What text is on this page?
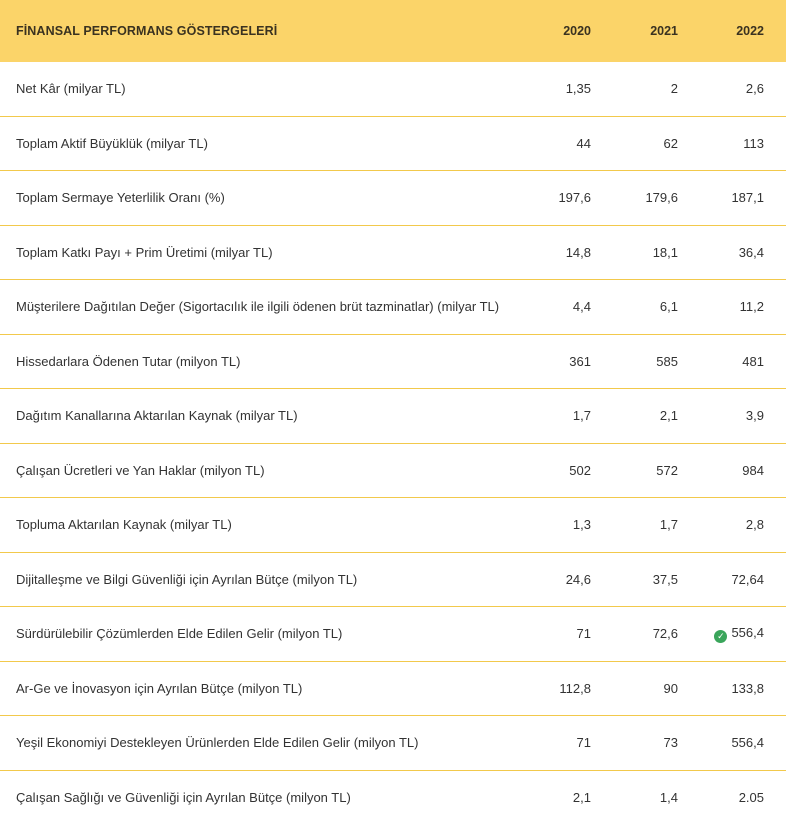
FİNANSAL PERFORMANS GÖSTERGELERİ	2020	2021	2022
Net Kâr (milyar TL)	1,35	2	2,6
Toplam Aktif Büyüklük (milyar TL)	44	62	113
Toplam Sermaye Yeterlilik Oranı (%)	197,6	179,6	187,1
Toplam Katkı Payı + Prim Üretimi (milyar TL)	14,8	18,1	36,4
Müşterilere Dağıtılan Değer (Sigortacılık ile ilgili ödenen brüt tazminatlar) (milyar TL)	4,4	6,1	11,2
Hissedarlara Ödenen Tutar (milyon TL)	361	585	481
Dağıtım Kanallarına Aktarılan Kaynak (milyar TL)	1,7	2,1	3,9
Çalışan Ücretleri ve Yan Haklar (milyon TL)	502	572	984
Topluma Aktarılan Kaynak (milyar TL)	1,3	1,7	2,8
Dijitalleşme ve Bilgi Güvenliği için Ayrılan Bütçe (milyon TL)	24,6	37,5	72,64
Sürdürülebilir Çözümlerden Elde Edilen Gelir (milyon TL)	71	72,6	✓ 556,4
Ar-Ge ve İnovasyon için Ayrılan Bütçe (milyon TL)	112,8	90	133,8
Yeşil Ekonomiyi Destekleyen Ürünlerden Elde Edilen Gelir (milyon TL)	71	73	556,4
Çalışan Sağlığı ve Güvenliği için Ayrılan Bütçe (milyon TL)	2,1	1,4	2.05
